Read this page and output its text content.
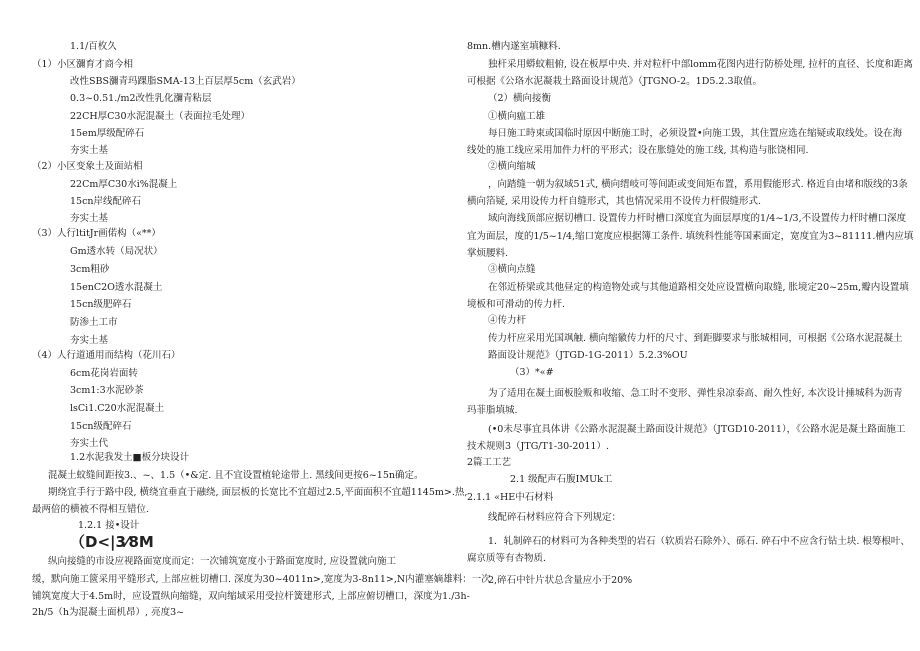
1.1/百枚久
（1）小区瀰育才商今相
改性SBS瀰青玛踝脂SMA-13上百层厚5cm（玄武岩）
0.3~0.51./m2改性乳化瀰青粘层
22CH厚C30水泥混凝土（表面拉毛处理）
15em厚级配碎石
夯实土基
（2）小区变象土及面站相
22Cm厚C30水i%混凝上
15cn岸线配碎石
夯实土基
（3）人行ltitJr画偌构（«**）
Gm透水转（局况状）
3cm粗砂
15enC2O透水混凝土
15cn级肥碎石
防渗土工市
夯实土基
（4）人行道通用而结构（花川石）
6cm花岗岩面转
3cm1:3水泥砂茶
lsCi1.C20水泥混凝土
15cn级配碎石
夯实土代
1.2水泥我发土■板分块设计
混凝土蚊缝间距按3.、~、1.5（•&定. 且不宜设置植轮途带上. 黑线间更按6~15n确定。
期绕宜手行于路中段, 横绕宜垂直于融绕, 面层板的长宽比不宜超过2.5,平面面积不宜超1145m>.热,
最两倍的横被不得相互错位.
1.2.1 接•设计
纵向接缝的市设应视路面宽度而定：一次铺筑宽度小于路面宽度时, 应设置就向施工
缓，默向施工篋采用平缝形式, 上部应桩切槽口. 深度为30~4011n>,宽度为3-8n11>,N内灌塞嫡雄料：一次
铺筑宽度大于4.5m时，应设置纵向缩缝，双向缩域采用受拉杆簧建形式, 上部应俯切槽口，深度为1./3h-
2h/5（h为混凝土面机昂）, 亮度3~
（D<|3⁄8M
8mn.槽内遂室填糠料.
独杆采用蟒蚊粗俯, 设在板厚中央. 并对粒杆中部lomm花图内进行防桥处理, 拉杆的直径、长度和距离
可根据《公珞水泥凝栽土路面设计规范》（JTGNO-2。1D5.2.3取值。
（2）横向接衡
①横向瘟工雄
每日施工時束或国临时原因中断施工时，必须设置•向施工毁，其住置应选在缩疑或取线处。设在海
线处的施工线应采用加件力杆的平形式；设在胀缝处的施工线, 其构造与胀饶相同.
②横向缩城
，向踏缝一朝为叙域51式, 横向缙岐可等间距或变间矩布置，系用假能形式. 格近自由堵和版线的3条
横向箔疑, 采用设传力杆自缝形式，其也情况采用不设传力杆假缝形式.
域向海线顶部应据切槽口. 设置传力杆时槽口深度宜为面层厚度的1/4~1/3,不设置传力杆时槽口深度
宜为面层，度的1/5~1/4,缩口宽度应根据簿工条件. 填统科性能等国素面定，宽度宜为3~81111.槽内应填
掌烦腰料.
③横向点缝
在邻近桥梁或其他昼定的构造物处或与其他道路相交处应设置横向取缝, 胀境定20~25m,瓣内设置填
境板和可滑动的传力杆.
④传力杆
传力杆应采用光国飒触. 横向缩徽传力杆的尺寸、到距脚要求与胀城相同，可根据《公珞水泥混凝土
路面设计规范》（JTGD-1G-2011）5.2.3%OU
（3）*«#
为了适用在凝土面板脸贩和收缩、急工时不变形、弹性泉凉泰高、耐久性好, 本次设计捶城科为沥青
玛菲脂填城.
(•0未尽事宜具体讲《公路水泥混凝土路面设计规范》（JTGD10-2011），《公路水泥是凝土路面施工
技术规则3（JTG/T1-30-2011）.
2篇工工艺
2.1 级配声石腹IMUk工
2.1.1 «HE中石材料
线配碎石材料应符合下列规定：
1．轧制碎石的材料可为各种类型的岩石（软质岩石除外）、砾石. 碎石中不应含行钻土块. 根筹根叶、
腐京质等有杏物质.
2,碎石中针片状总含量应小于20%
